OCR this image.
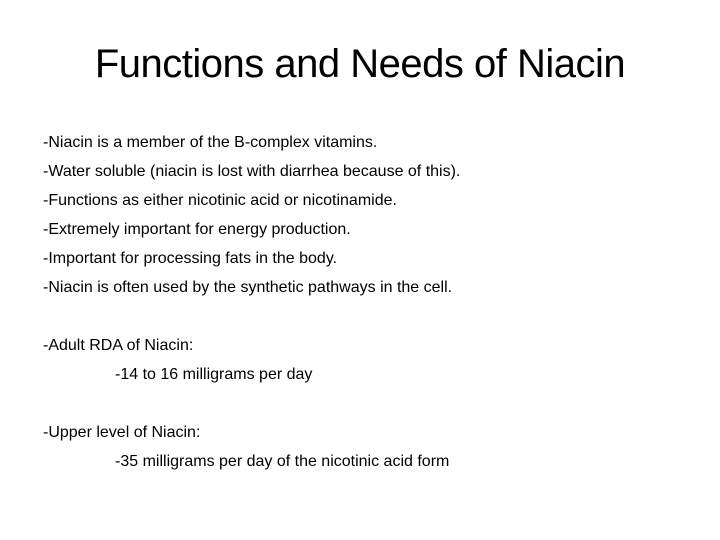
Functions and Needs of Niacin
-Niacin is a member of the B-complex vitamins.
-Water soluble (niacin is lost with diarrhea because of this).
-Functions as either nicotinic acid or nicotinamide.
-Extremely important for energy production.
-Important for processing fats in the body.
-Niacin is often used by the synthetic pathways in the cell.
-Adult RDA of Niacin:
-14 to 16 milligrams per day
-Upper level of Niacin:
-35 milligrams per day of the nicotinic acid form
